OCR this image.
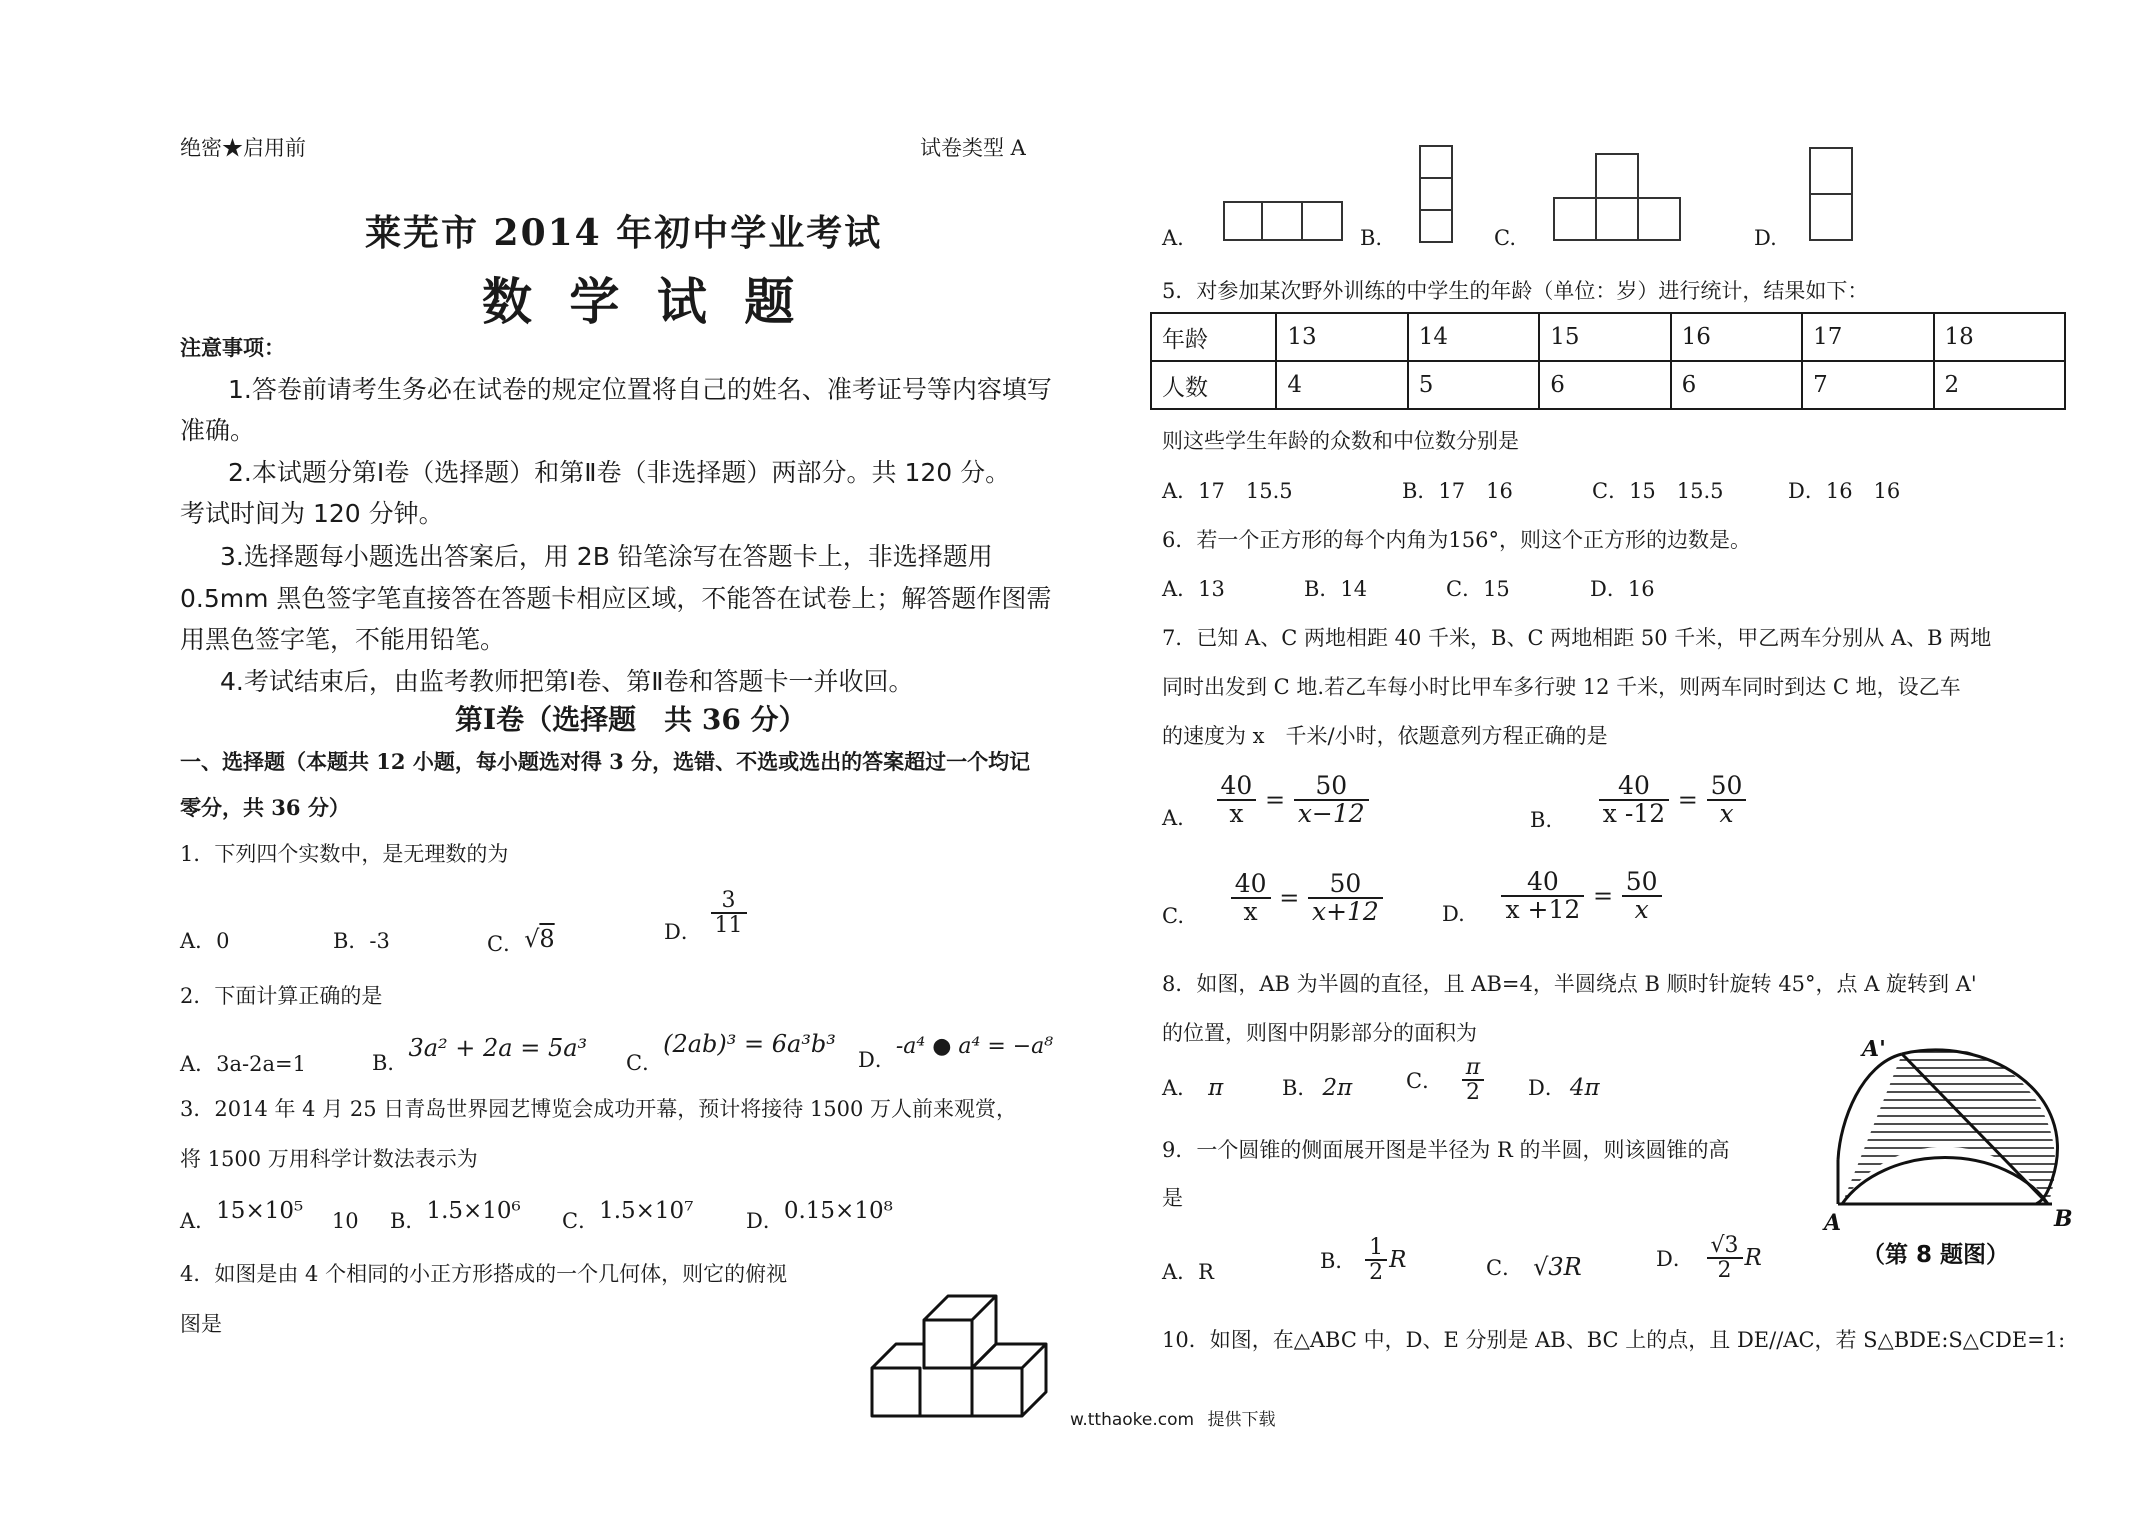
绝密★启用前	试卷类型 A
莱芜市 2014 年初中学业考试
数 学 试 题
注意事项：
1.答卷前请考生务必在试卷的规定位置将自己的姓名、准考证号等内容填写
准确。
2.本试题分第Ⅰ卷（选择题）和第Ⅱ卷（非选择题）两部分。共 120 分。
考试时间为 120 分钟。
3.选择题每小题选出答案后，用 2B 铅笔涂写在答题卡上，非选择题用
0.5mm 黑色签字笔直接答在答题卡相应区域，不能答在试卷上；解答题作图需
用黑色签字笔，不能用铅笔。
4.考试结束后，由监考教师把第Ⅰ卷、第Ⅱ卷和答题卡一并收回。
第Ⅰ卷（选择题　共 36 分）
一、选择题（本题共 12 小题，每小题选对得 3 分，选错、不选或选出的答案超过一个均记
零分，共 36 分）
1．下列四个实数中，是无理数的为
A．0	B．-3	C．√8	D． $\frac{3}{11}$
2．下面计算正确的是
A．3a-2a=1	B．3a² + 2a = 5a³
C．(2ab)³ = 6a³b³
D．-a⁴ ● a⁴ = −a⁸
3．2014 年 4 月 25 日青岛世界园艺博览会成功开幕，预计将接待 1500 万人前来观赏，
将 1500 万用科学计数法表示为
A．15×10⁵ 10 B．1.5×10⁶ C．1.5×10⁷	D．0.15×10⁸
4．如图是由 4 个相同的小正方形搭成的一个几何体，则它的俯视
图是
A.	B.	C.	D.
5．对参加某次野外训练的中学生的年龄（单位：岁）进行统计，结果如下：
年龄	13	14	15	16	17	18
人数	4	5	6	6	7	2
则这些学生年龄的众数和中位数分别是
A．17　15.5	B．17　16	C．15　15.5	D．16　16
6．若一个正方形的每个内角为156°，则这个正方形的边数是。
A．13	B．14	C．15	D．16
7．已知 A、C 两地相距 40 千米，B、C 两地相距 50 千米，甲乙两车分别从 A、B 两地
同时出发到 C 地.若乙车每小时比甲车多行驶 12 千米，则两车同时到达 C 地，设乙车
的速度为 x　千米/小时，依题意列方程正确的是
A. $\frac{40}{x} = \frac{50}{x-12}$	B. $\frac{40}{x -12} = \frac{50}{x}$
C. $\frac{40}{x} = \frac{50}{x+12}$	D. $\frac{40}{x +12} = \frac{50}{x}$
8．如图，AB 为半圆的直径，且 AB=4，半圆绕点 B 顺时针旋转 45°，点 A 旋转到 A'
的位置，则图中阴影部分的面积为
A． π	B． 2π	C． $\frac{\pi}{2}$ D． 4π
A'
A	B
（第 8 题图）
9．一个圆锥的侧面展开图是半径为 R 的半圆，则该圆锥的高
是
A．R	B． $\frac{1}{2}$ R	C． √3R	D． $\frac{√3}{2}$ R
10．如图，在△ABC 中，D、E 分别是 AB、BC 上的点，且 DE//AC，若 S△BDE:S△CDE=1:
w.tthaoke.com 提供下载
